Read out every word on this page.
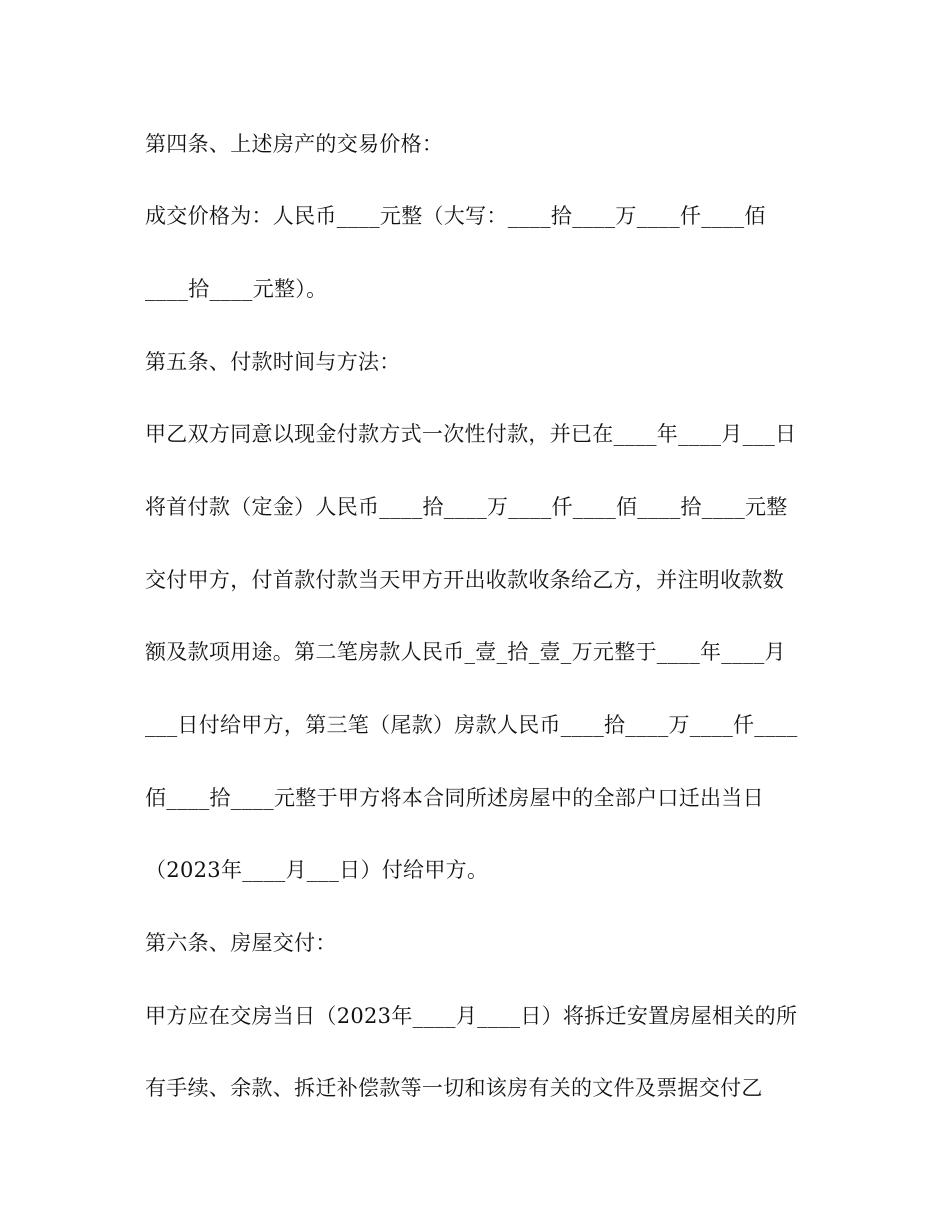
第四条、上述房产的交易价格：
成交价格为：人民币____元整（大写：____拾____万____仟____佰
____拾____元整）。
第五条、付款时间与方法：
甲乙双方同意以现金付款方式一次性付款，并已在____年____月___日
将首付款（定金）人民币____拾____万____仟____佰____拾____元整
交付甲方，付首款付款当天甲方开出收款收条给乙方，并注明收款数
额及款项用途。第二笔房款人民币_壹_拾_壹_万元整于____年____月
___日付给甲方，第三笔（尾款）房款人民币____拾____万____仟____
佰____拾____元整于甲方将本合同所述房屋中的全部户口迁出当日
（2023年____月___日）付给甲方。
第六条、房屋交付：
甲方应在交房当日（2023年____月____日）将拆迁安置房屋相关的所
有手续、余款、拆迁补偿款等一切和该房有关的文件及票据交付乙
